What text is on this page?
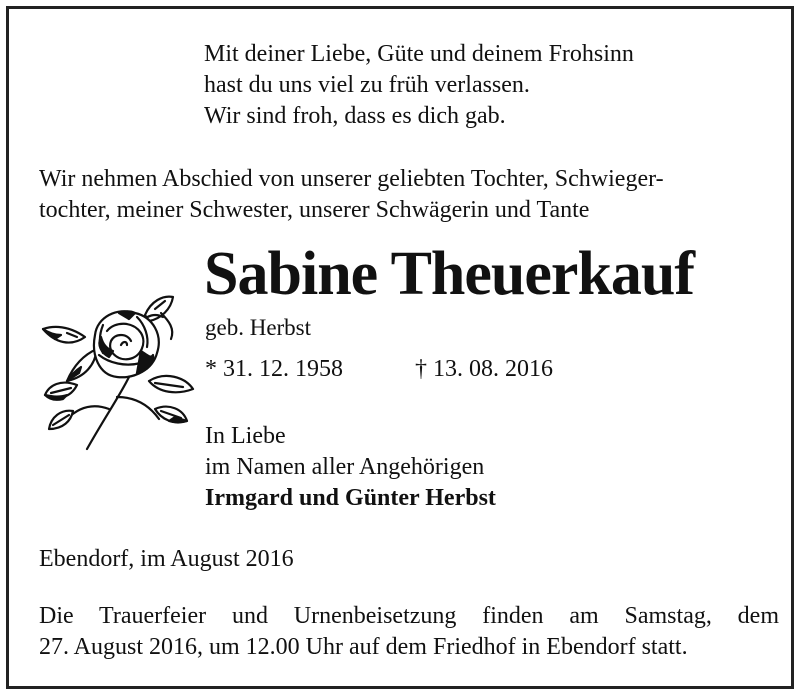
Mit deiner Liebe, Güte und deinem Frohsinn
hast du uns viel zu früh verlassen.
Wir sind froh, dass es dich gab.
Wir nehmen Abschied von unserer geliebten Tochter, Schwieger-
tochter, meiner Schwester, unserer Schwägerin und Tante
Sabine Theuerkauf
geb. Herbst
* 31. 12. 1958	† 13. 08. 2016
In Liebe
im Namen aller Angehörigen
Irmgard und Günter Herbst
Ebendorf, im August 2016
Die Trauerfeier und Urnenbeisetzung finden am Samstag, dem
27. August 2016, um 12.00 Uhr auf dem Friedhof in Ebendorf statt.
